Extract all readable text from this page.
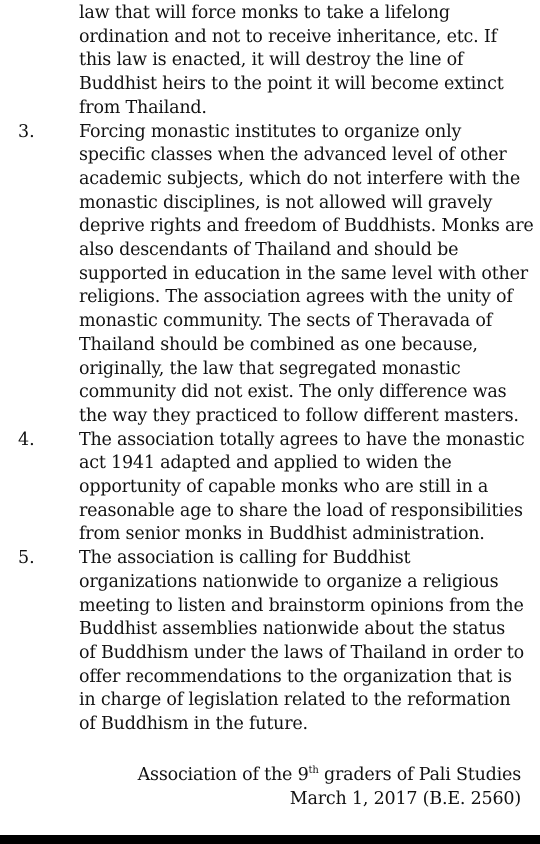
law that will force monks to take a lifelong
ordination and not to receive inheritance, etc. If
this law is enacted, it will destroy the line of
Buddhist heirs to the point it will become extinct
from Thailand.
Forcing monastic institutes to organize only
specific classes when the advanced level of other
academic subjects, which do not interfere with the
monastic disciplines, is not allowed will gravely
deprive rights and freedom of Buddhists. Monks are
also descendants of Thailand and should be
supported in education in the same level with other
religions. The association agrees with the unity of
monastic community. The sects of Theravada of
Thailand should be combined as one because,
originally, the law that segregated monastic
community did not exist. The only difference was
the way they practiced to follow different masters.
The association totally agrees to have the monastic
act 1941 adapted and applied to widen the
opportunity of capable monks who are still in a
reasonable age to share the load of responsibilities
from senior monks in Buddhist administration.
The association is calling for Buddhist
organizations nationwide to organize a religious
meeting to listen and brainstorm opinions from the
Buddhist assemblies nationwide about the status
of Buddhism under the laws of Thailand in order to
offer recommendations to the organization that is
in charge of legislation related to the reformation
of Buddhism in the future.
3.
4.
5.
Association of the 9th graders of Pali Studies
March 1, 2017 (B.E. 2560)
